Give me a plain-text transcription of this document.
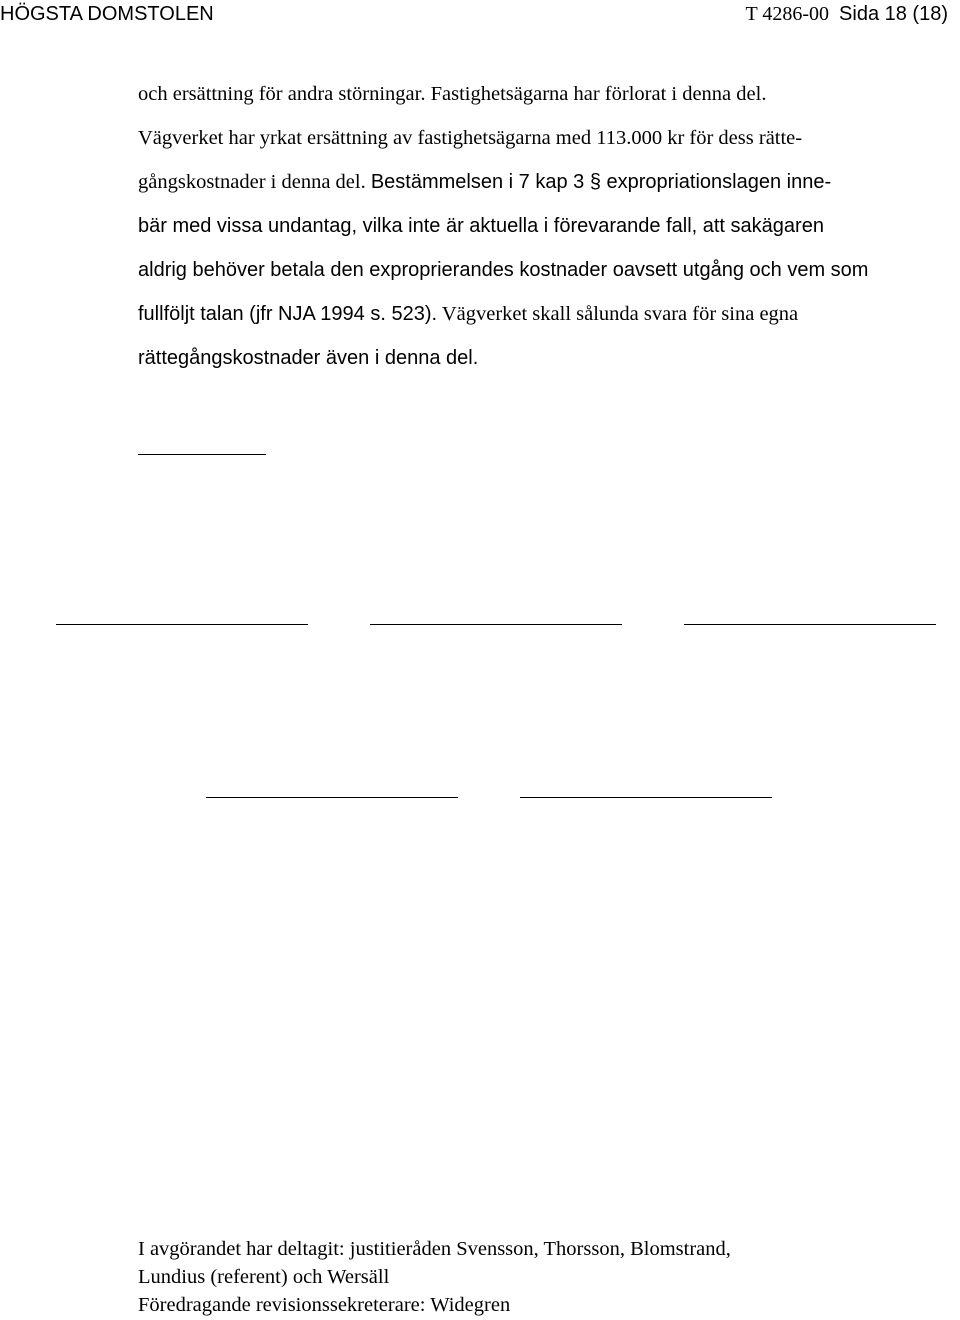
HÖGSTA DOMSTOLEN	T 4286-00 Sida 18 (18)
och ersättning för andra störningar. Fastighetsägarna har förlorat i denna del.
Vägverket har yrkat ersättning av fastighetsägarna med 113.000 kr för dess rätte-
gångskostnader i denna del. Bestämmelsen i 7 kap 3 § expropriationslagen inne-
bär med vissa undantag, vilka inte är aktuella i förevarande fall, att sakägaren
aldrig behöver betala den exproprierandes kostnader oavsett utgång och vem som
fullföljt talan (jfr NJA 1994 s. 523). Vägverket skall sålunda svara för sina egna
rättegångskostnader även i denna del.
I avgörandet har deltagit: justitieråden Svensson, Thorsson, Blomstrand,
Lundius (referent) och Wersäll
Föredragande revisionssekreterare: Widegren
